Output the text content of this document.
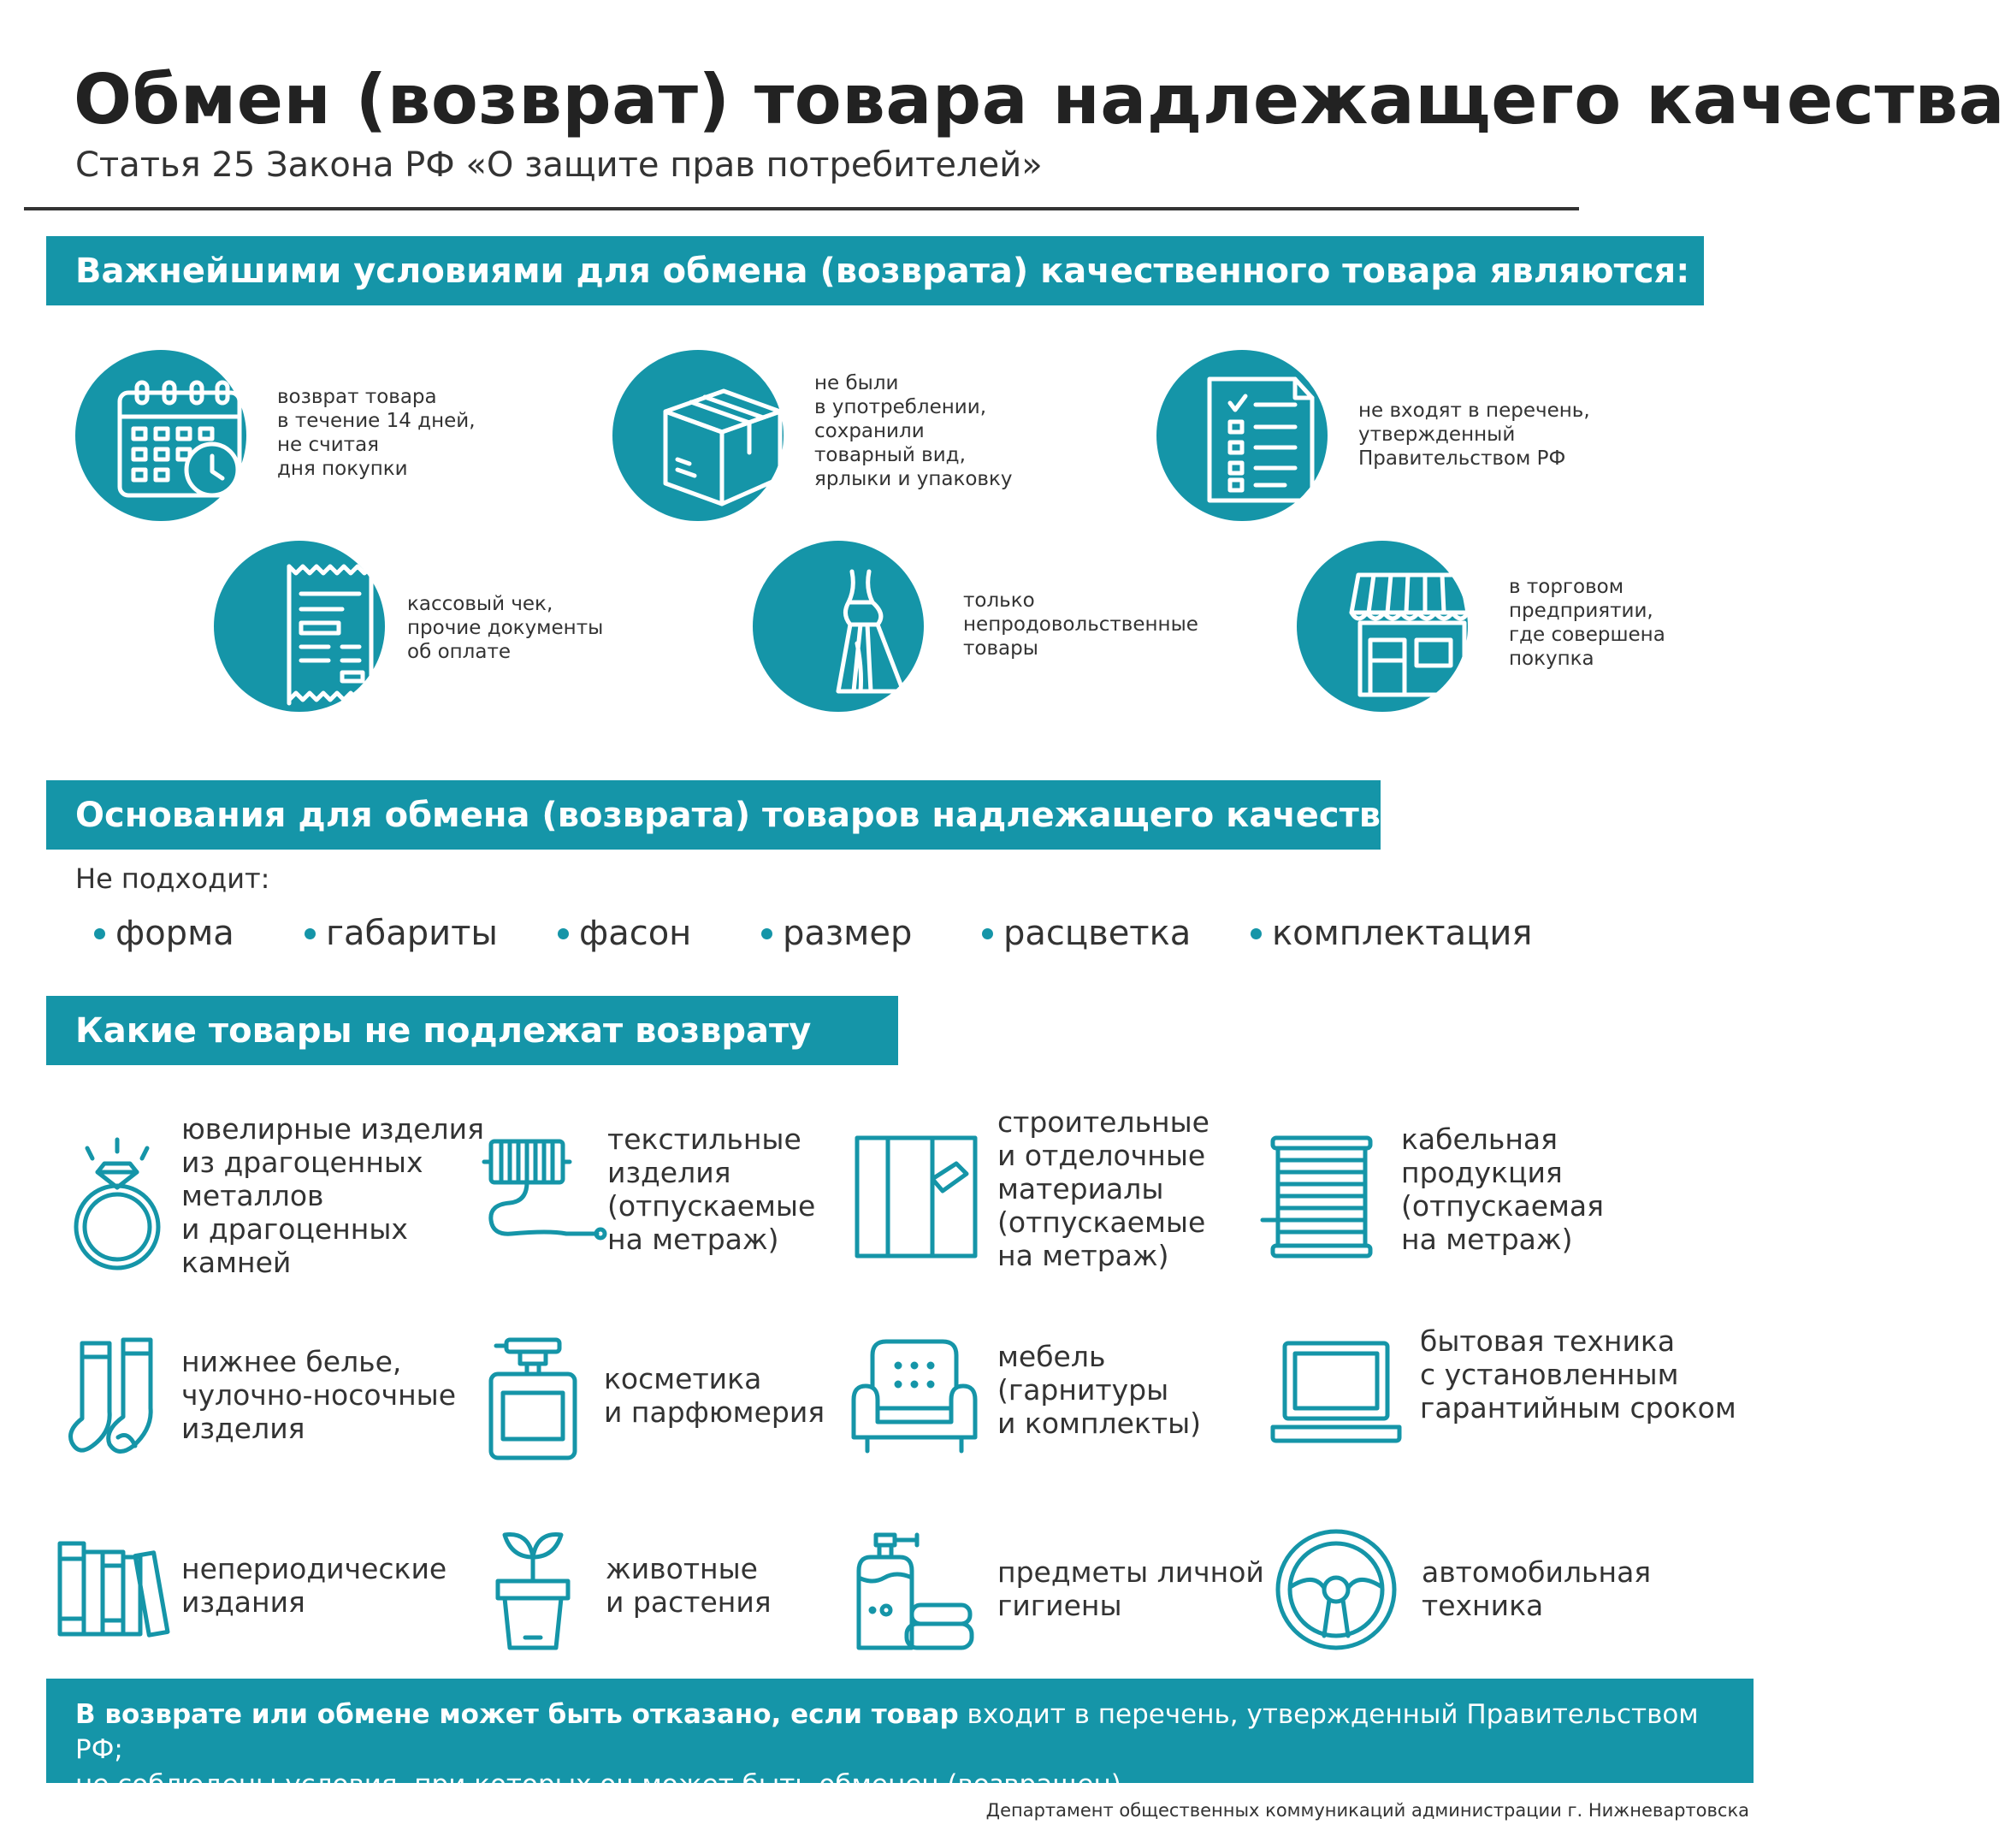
Обмен (возврат) товара надлежащего качества
Статья 25 Закона РФ «О защите прав потребителей»
Важнейшими условиями для обмена (возврата) качественного товара являются:
возврат товара
в течение 14 дней,
не считая
дня покупки
не были
в употреблении,
сохранили
товарный вид,
ярлыки и упаковку
не входят в перечень,
утвержденный
Правительством РФ
кассовый чек,
прочие документы
об оплате
только
непродовольственные
товары
в торговом
предприятии,
где совершена
покупка
Основания для обмена (возврата) товаров надлежащего качества
Не подходит:
форма	габариты фасон	размер	расцветка комплектация
Какие товары не подлежат возврату
ювелирные изделия
из драгоценных
металлов
и драгоценных
камней
текстильные
изделия
(отпускаемые
на метраж)
строительные
и отделочные
материалы
(отпускаемые
на метраж)
кабельная
продукция
(отпускаемая
на метраж)
нижнее белье,
чулочно-носочные
изделия
косметика
и парфюмерия
мебель
(гарнитуры
и комплекты)
бытовая техника
с установленным
гарантийным сроком
непериодические
издания
животные
и растения
предметы личной
гигиены
автомобильная
техника
В возврате или обмене может быть отказано, если товар входит в перечень, утвержденный Правительством РФ;
не соблюдены условия, при которых он может быть обменен (возвращен)
Департамент общественных коммуникаций администрации г. Нижневартовска
